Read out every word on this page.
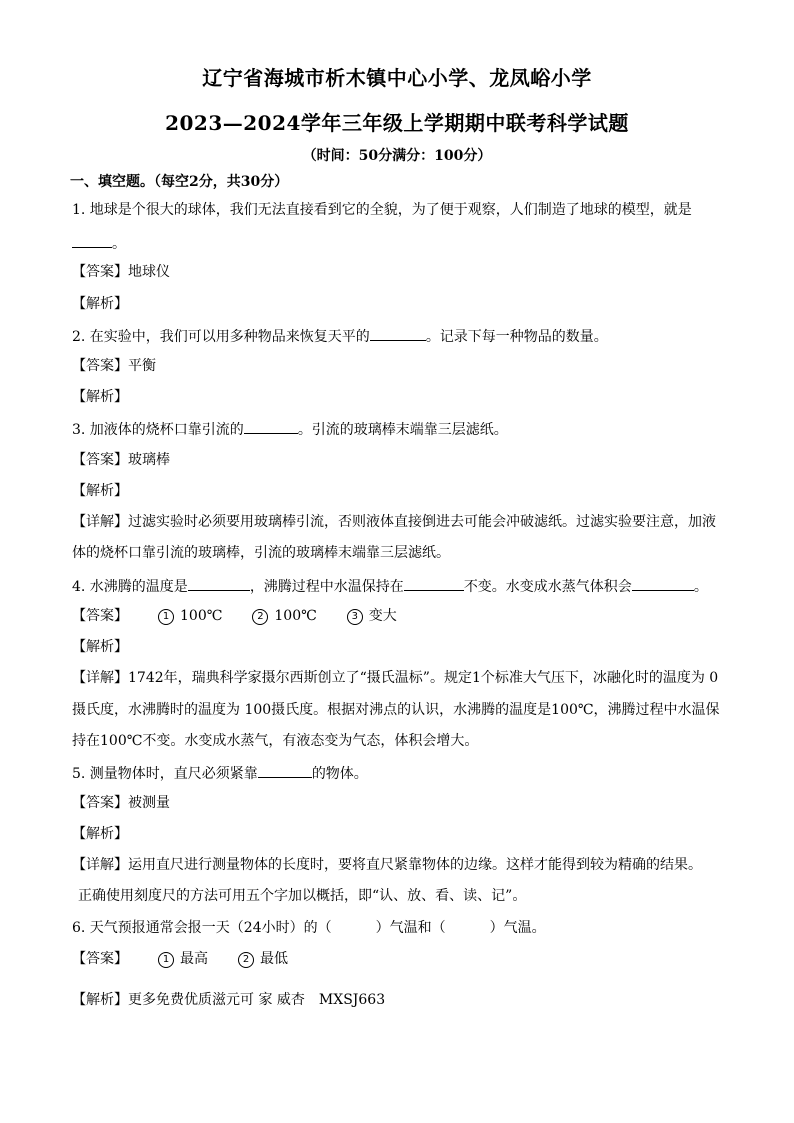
辽宁省海城市析木镇中心小学、龙凤峪小学
2023—2024学年三年级上学期期中联考科学试题
（时间：50分满分：100分）
一、填空题。（每空2分，共30分）
1. 地球是个很大的球体，我们无法直接看到它的全貌，为了便于观察，人们制造了地球的模型，就是
。
【答案】地球仪
【解析】
2. 在实验中，我们可以用多种物品来恢复天平的	。记录下每一种物品的数量。
【答案】平衡
【解析】
3. 加液体的烧杯口靠引流的	。引流的玻璃棒末端靠三层滤纸。
【答案】玻璃棒
【解析】
【详解】过滤实验时必须要用玻璃棒引流，否则液体直接倒进去可能会冲破滤纸。过滤实验要注意，加液
体的烧杯口靠引流的玻璃棒，引流的玻璃棒末端靠三层滤纸。
4. 水沸腾的温度是	，沸腾过程中水温保持在	不变。水变成水蒸气体积会	。
【答案】	1 100℃	2 100℃	3 变大
【解析】
【详解】1742年，瑞典科学家摄尔西斯创立了“摄氏温标”。规定1个标准大气压下，冰融化时的温度为 0
摄氏度，水沸腾时的温度为 100摄氏度。根据对沸点的认识，水沸腾的温度是100℃，沸腾过程中水温保
持在100℃不变。水变成水蒸气，有液态变为气态，体积会增大。
5. 测量物体时，直尺必须紧靠	的物体。
【答案】被测量
【解析】
【详解】运用直尺进行测量物体的长度时，要将直尺紧靠物体的边缘。这样才能得到较为精确的结果。
正确使用刻度尺的方法可用五个字加以概括，即“认、放、看、读、记”。
6. 天气预报通常会报一天（24小时）的（	）气温和（	）气温。
【答案】	1 最高	2 最低
【解析】更多免费优质滋元可 家 威杏　MXSJ663
